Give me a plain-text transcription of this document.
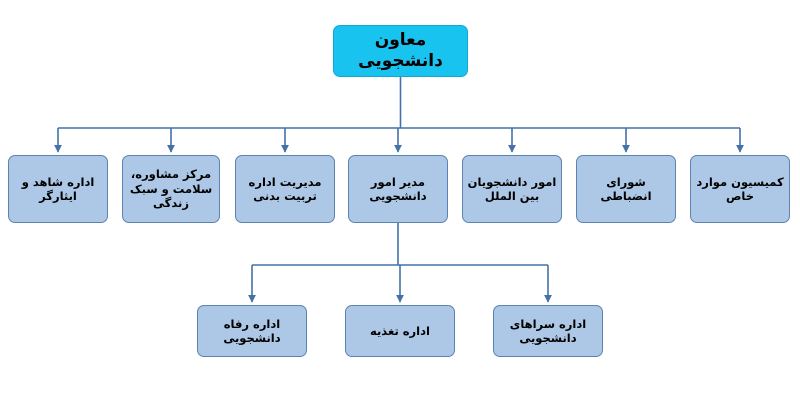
معاون دانشجویی
اداره شاهد و ایثارگر
مرکز مشاوره، سلامت و سبک زندگی
مدیریت اداره تربیت بدنی
مدیر امور دانشجویی
امور دانشجویان بین الملل
شورای انضباطی
کمیسیون موارد خاص
اداره رفاه دانشجویی
اداره تغذیه
اداره سراهای دانشجویی
